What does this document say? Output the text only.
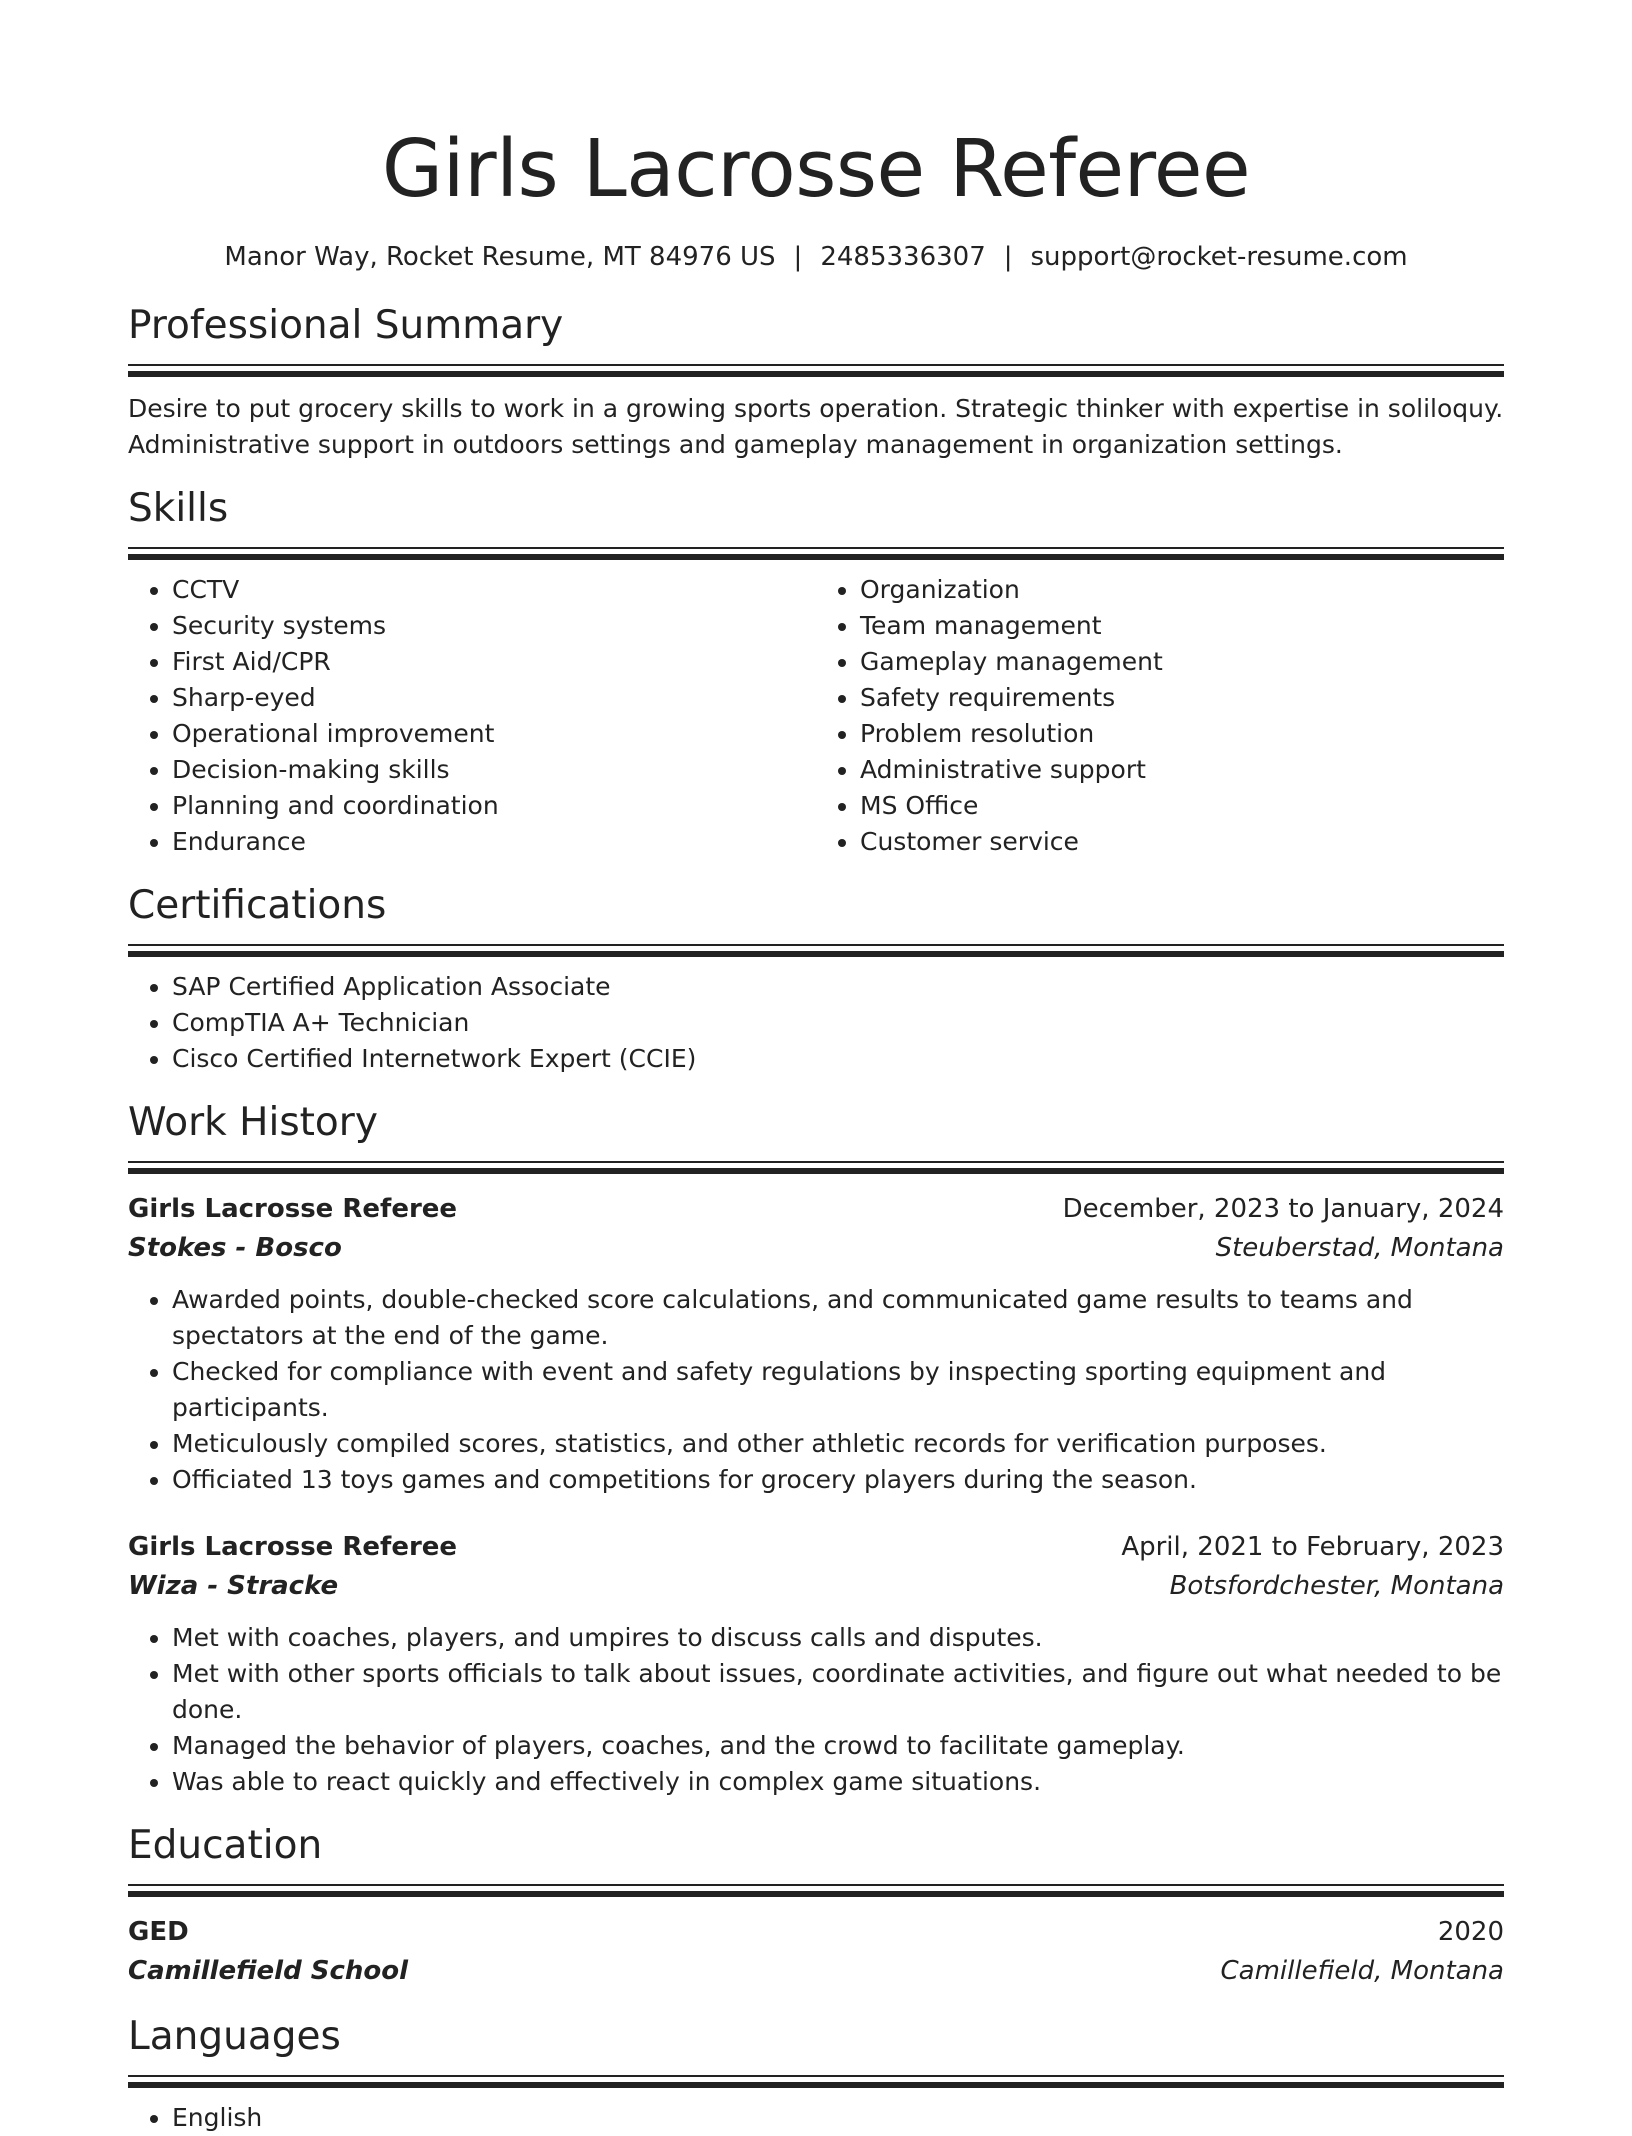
Girls Lacrosse Referee
Manor Way, Rocket Resume, MT 84976 US | 2485336307 | support@rocket-resume.com
Professional Summary
Desire to put grocery skills to work in a growing sports operation. Strategic thinker with expertise in soliloquy. Administrative support in outdoors settings and gameplay management in organization settings.
Skills
• CCTV
• Security systems
• First Aid/CPR
• Sharp-eyed
• Operational improvement
• Decision-making skills
• Planning and coordination
• Endurance
• Organization
• Team management
• Gameplay management
• Safety requirements
• Problem resolution
• Administrative support
• MS Office
• Customer service
Certifications
• SAP Certified Application Associate
• CompTIA A+ Technician
• Cisco Certified Internetwork Expert (CCIE)
Work History
Girls Lacrosse Referee	December, 2023 to January, 2024
Stokes - Bosco	Steuberstad, Montana
• Awarded points, double-checked score calculations, and communicated game results to teams and spectators at the end of the game.
• Checked for compliance with event and safety regulations by inspecting sporting equipment and participants.
• Meticulously compiled scores, statistics, and other athletic records for verification purposes.
• Officiated 13 toys games and competitions for grocery players during the season.
Girls Lacrosse Referee	April, 2021 to February, 2023
Wiza - Stracke	Botsfordchester, Montana
• Met with coaches, players, and umpires to discuss calls and disputes.
• Met with other sports officials to talk about issues, coordinate activities, and figure out what needed to be done.
• Managed the behavior of players, coaches, and the crowd to facilitate gameplay.
• Was able to react quickly and effectively in complex game situations.
Education
GED	2020
Camillefield School	Camillefield, Montana
Languages
• English
